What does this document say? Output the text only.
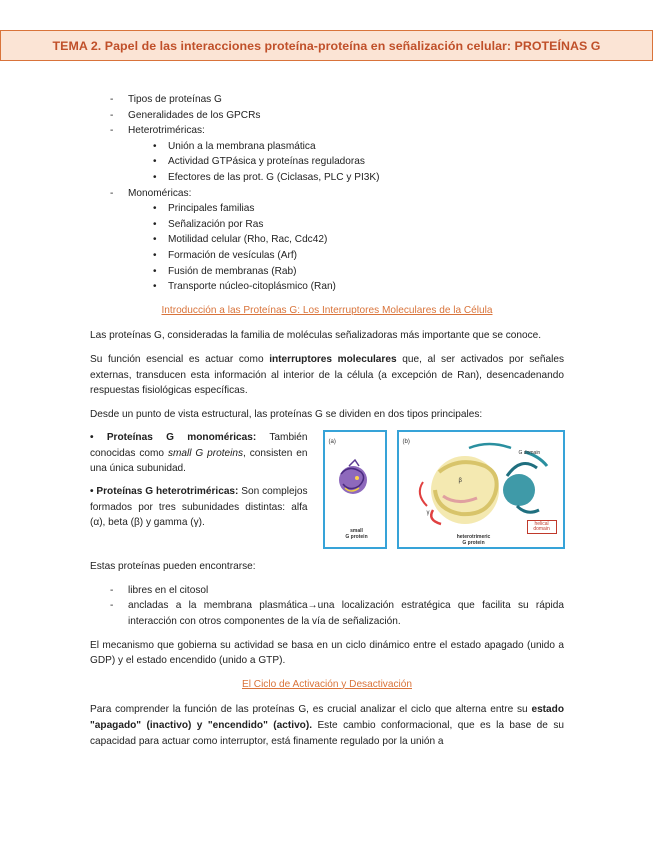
TEMA 2. Papel de las interacciones proteína-proteína en señalización celular: PROTEÍNAS G
- Tipos de proteínas G
- Generalidades de los GPCRs
- Heterotriméricas:
• Unión a la membrana plasmática
• Actividad GTPásica y proteínas reguladoras
• Efectores de las prot. G (Ciclasas, PLC y PI3K)
- Monoméricas:
• Principales familias
• Señalización por Ras
• Motilidad celular (Rho, Rac, Cdc42)
• Formación de vesículas (Arf)
• Fusión de membranas (Rab)
• Transporte núcleo-citoplásmico (Ran)
Introducción a las Proteínas G: Los Interruptores Moleculares de la Célula

Las proteínas G, consideradas la familia de moléculas señalizadoras más importante que se conoce.

Su función esencial es actuar como interruptores moleculares que, al ser activados por señales externas, transducen esta información al interior de la célula (a excepción de Ran), desencadenando respuestas fisiológicas específicas.

Desde un punto de vista estructural, las proteínas G se dividen en dos tipos principales:

• Proteínas G monoméricas: También conocidas como small G proteins, consisten en una única subunidad.

• Proteínas G heterotriméricas: Son complejos formados por tres subunidades distintas: alfa (α), beta (β) y gamma (γ).

(a)
small
G protein
(b)
G domain
β
γ
helical
domain
heterotrimeric
G protein

Estas proteínas pueden encontrarse:

- libres en el citosol
- ancladas a la membrana plasmática→una localización estratégica que facilita su rápida interacción con otros componentes de la vía de señalización.

El mecanismo que gobierna su actividad se basa en un ciclo dinámico entre el estado apagado (unido a GDP) y el estado encendido (unido a GTP).

El Ciclo de Activación y Desactivación

Para comprender la función de las proteínas G, es crucial analizar el ciclo que alterna entre su estado "apagado" (inactivo) y "encendido" (activo). Este cambio conformacional, que es la base de su capacidad para actuar como interruptor, está finamente regulado por la unión a
